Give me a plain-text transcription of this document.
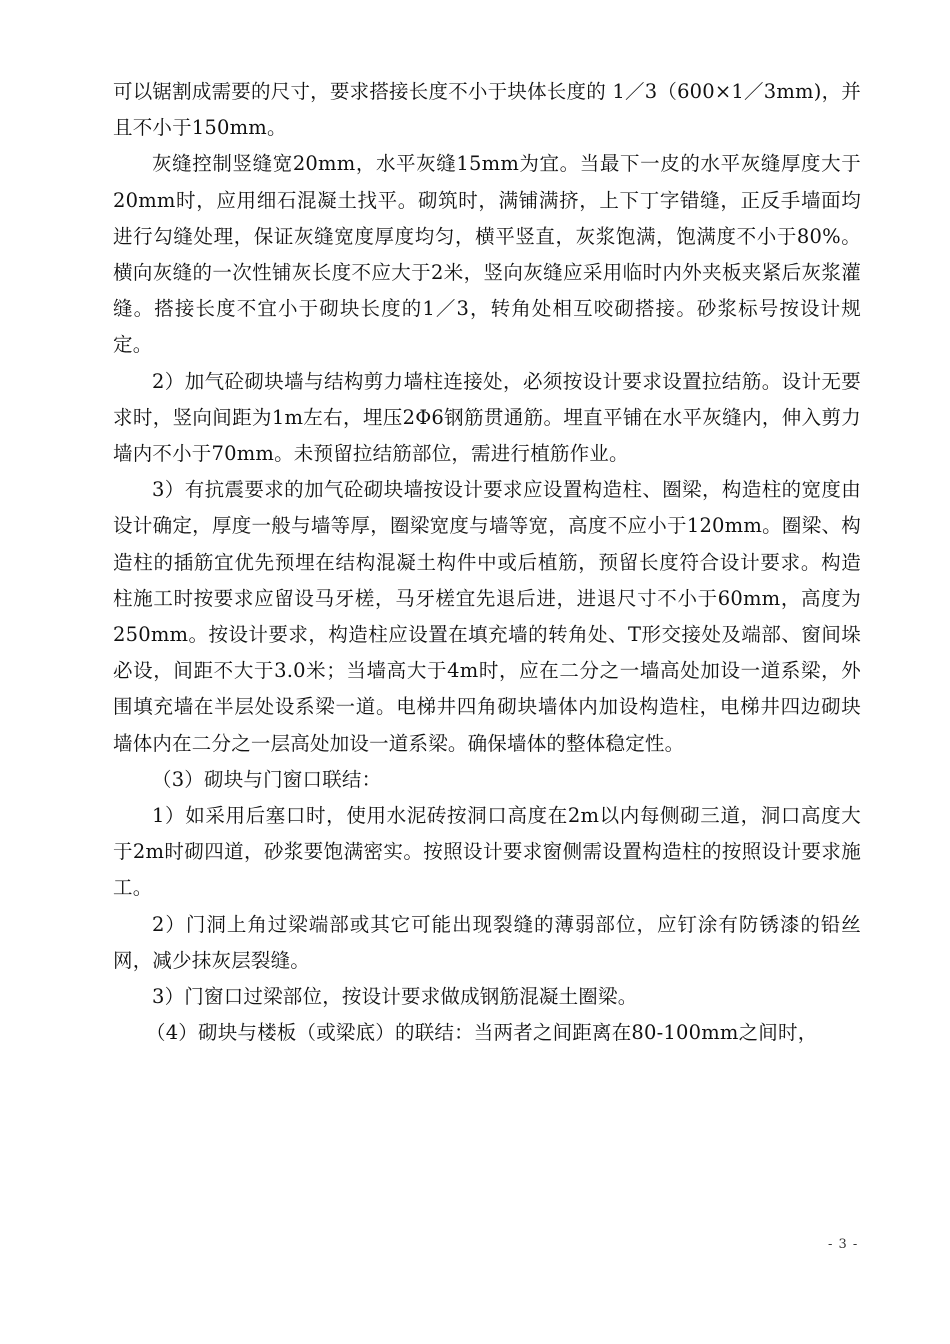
可以锯割成需要的尺寸，要求搭接长度不小于块体长度的 1／3（600×1／3mm)，并且不小于150mm。

灰缝控制竖缝宽20mm，水平灰缝15mm为宜。当最下一皮的水平灰缝厚度大于20mm时，应用细石混凝土找平。砌筑时，满铺满挤，上下丁字错缝，正反手墙面均进行勾缝处理，保证灰缝宽度厚度均匀，横平竖直，灰浆饱满，饱满度不小于80%。横向灰缝的一次性铺灰长度不应大于2米，竖向灰缝应采用临时内外夹板夹紧后灰浆灌缝。搭接长度不宜小于砌块长度的1／3，转角处相互咬砌搭接。砂浆标号按设计规定。

2）加气砼砌块墙与结构剪力墙柱连接处，必须按设计要求设置拉结筋。设计无要求时，竖向间距为1m左右，埋压2Φ6钢筋贯通筋。埋直平铺在水平灰缝内，伸入剪力墙内不小于70mm。未预留拉结筋部位，需进行植筋作业。

3）有抗震要求的加气砼砌块墙按设计要求应设置构造柱、圈梁，构造柱的宽度由设计确定，厚度一般与墙等厚，圈梁宽度与墙等宽，高度不应小于120mm。圈梁、构造柱的插筋宜优先预埋在结构混凝土构件中或后植筋，预留长度符合设计要求。构造柱施工时按要求应留设马牙槎，马牙槎宜先退后进，进退尺寸不小于60mm，高度为250mm。按设计要求，构造柱应设置在填充墙的转角处、T形交接处及端部、窗间垛必设，间距不大于3.0米；当墙高大于4m时，应在二分之一墙高处加设一道系梁，外围填充墙在半层处设系梁一道。电梯井四角砌块墙体内加设构造柱，电梯井四边砌块墙体内在二分之一层高处加设一道系梁。确保墙体的整体稳定性。

（3）砌块与门窗口联结：

1）如采用后塞口时，使用水泥砖按洞口高度在2m以内每侧砌三道，洞口高度大于2m时砌四道，砂浆要饱满密实。按照设计要求窗侧需设置构造柱的按照设计要求施工。

2）门洞上角过梁端部或其它可能出现裂缝的薄弱部位，应钉涂有防锈漆的铅丝网，减少抹灰层裂缝。

3）门窗口过梁部位，按设计要求做成钢筋混凝土圈梁。

（4）砌块与楼板（或梁底）的联结：当两者之间距离在80-100mm之间时，

- 3 -
